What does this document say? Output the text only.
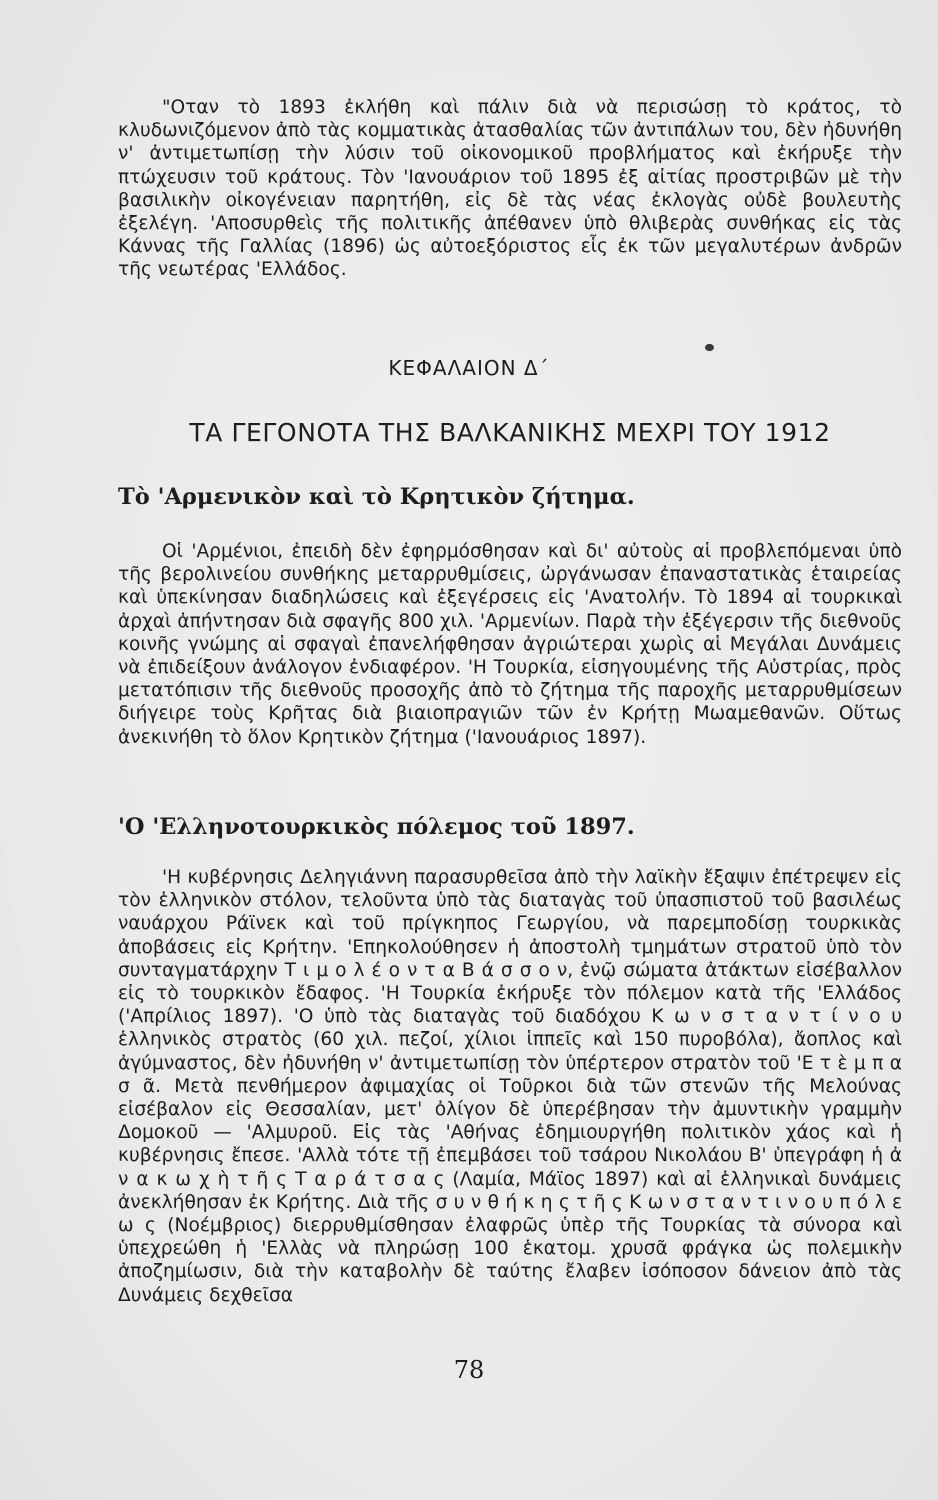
"Οταν τὸ 1893 ἐκλήθη καὶ πάλιν διὰ νὰ περισώσῃ τὸ κράτος, τὸ κλυδωνιζόμενον ἀπὸ τὰς κομματικὰς ἀτασθαλίας τῶν ἀντιπάλων του, δὲν ἠδυνήθη ν' ἀντιμετωπίσῃ τὴν λύσιν τοῦ οἰκονομικοῦ προβλήματος καὶ ἐκήρυξε τὴν πτώχευσιν τοῦ κράτους. Τὸν 'Ιανουάριον τοῦ 1895 ἐξ αἰτίας προστριβῶν μὲ τὴν βασιλικὴν οἰκογένειαν παρητήθη, εἰς δὲ τὰς νέας ἐκλογὰς οὐδὲ βουλευτὴς ἐξελέγη. 'Αποσυρθεὶς τῆς πολιτικῆς ἀπέθανεν ὑπὸ θλιβερὰς συνθήκας εἰς τὰς Κάννας τῆς Γαλλίας (1896) ὡς αὐτοεξόριστος εἷς ἐκ τῶν μεγαλυτέρων ἀνδρῶν τῆς νεωτέρας 'Ελλάδος.

ΚΕΦΑΛΑΙΟΝ Δ΄

ΤΑ ΓΕΓΟΝΟΤΑ ΤΗΣ ΒΑΛΚΑΝΙΚΗΣ ΜΕΧΡΙ ΤΟΥ 1912
Τὸ 'Αρμενικὸν καὶ τὸ Κρητικὸν ζήτημα.

Οἱ 'Αρμένιοι, ἐπειδὴ δὲν ἐφηρμόσθησαν καὶ δι' αὐτοὺς αἱ προβλεπόμεναι ὑπὸ τῆς βερολινείου συνθήκης μεταρρυθμίσεις, ὠργάνωσαν ἐπαναστατικὰς ἑταιρείας καὶ ὑπεκίνησαν διαδηλώσεις καὶ ἐξεγέρσεις εἰς 'Ανατολήν. Τὸ 1894 αἱ τουρκικαὶ ἀρχαὶ ἀπήντησαν διὰ σφαγῆς 800 χιλ. 'Αρμενίων. Παρὰ τὴν ἐξέγερσιν τῆς διεθνοῦς κοινῆς γνώμης αἱ σφαγαὶ ἐπανελήφθησαν ἀγριώτεραι χωρὶς αἱ Μεγάλαι Δυνάμεις νὰ ἐπιδείξουν ἀνάλογον ἐνδιαφέρον. 'Η Τουρκία, εἰσηγουμένης τῆς Αὐστρίας, πρὸς μετατόπισιν τῆς διεθνοῦς προσοχῆς ἀπὸ τὸ ζήτημα τῆς παροχῆς μεταρρυθμίσεων διήγειρε τοὺς Κρῆτας διὰ βιαιοπραγιῶν τῶν ἐν Κρήτῃ Μωαμεθανῶν. Οὕτως ἀνεκινήθη τὸ ὅλον Κρητικὸν ζήτημα ('Ιανουάριος 1897).

'Ο 'Ελληνοτουρκικὸς πόλεμος τοῦ 1897.

'Η κυβέρνησις Δεληγιάννη παρασυρθεῖσα ἀπὸ τὴν λαϊκὴν ἔξαψιν ἐπέτρεψεν εἰς τὸν ἑλληνικὸν στόλον, τελοῦντα ὑπὸ τὰς διαταγὰς τοῦ ὑπασπιστοῦ τοῦ βασιλέως ναυάρχου Ράϊνεκ καὶ τοῦ πρίγκηπος Γεωργίου, νὰ παρεμποδίσῃ τουρκικὰς ἀποβάσεις εἰς Κρήτην. 'Επηκολούθησεν ἡ ἀποστολὴ τμημάτων στρατοῦ ὑπὸ τὸν συνταγματάρχην Τ ι μ ο λ έ ο ν τ α Β ά σ σ ο ν, ἐνῷ σώματα ἀτάκτων εἰσέβαλλον εἰς τὸ τουρκικὸν ἔδαφος. 'Η Τουρκία ἐκήρυξε τὸν πόλεμον κατὰ τῆς 'Ελλάδος ('Απρίλιος 1897). 'Ο ὑπὸ τὰς διαταγὰς τοῦ διαδόχου Κ ω ν σ τ α ν τ ί ν ο υ ἑλληνικὸς στρατὸς (60 χιλ. πεζοί, χίλιοι ἱππεῖς καὶ 150 πυροβόλα), ἄοπλος καὶ ἀγύμναστος, δὲν ἠδυνήθη ν' ἀντιμετωπίσῃ τὸν ὑπέρτερον στρατὸν τοῦ 'Ε τ ὲ μ π α σ ᾶ. Μετὰ πενθήμερον ἀφιμαχίας οἱ Τοῦρκοι διὰ τῶν στενῶν τῆς Μελούνας εἰσέβαλον εἰς Θεσσαλίαν, μετ' ὀλίγον δὲ ὑπερέβησαν τὴν ἀμυντικὴν γραμμὴν Δομοκοῦ — 'Αλμυροῦ. Εἰς τὰς 'Αθήνας ἐδημιουργήθη πολιτικὸν χάος καὶ ἡ κυβέρνησις ἔπεσε. 'Αλλὰ τότε τῇ ἐπεμβάσει τοῦ τσάρου Νικολάου Β' ὑπεγράφη ἡ ἀ ν α κ ω χ ὴ τ ῆ ς Τ α ρ ά τ σ α ς (Λαμία, Μάϊος 1897) καὶ αἱ ἑλληνικαὶ δυνάμεις ἀνεκλήθησαν ἐκ Κρήτης. Διὰ τῆς σ υ ν θ ή κ η ς τ ῆ ς Κ ω ν σ τ α ν τ ι ν ο υ π ό λ ε ω ς (Νοέμβριος) διερρυθμίσθησαν ἐλαφρῶς ὑπὲρ τῆς Τουρκίας τὰ σύνορα καὶ ὑπεχρεώθη ἡ 'Ελλὰς νὰ πληρώσῃ 100 ἑκατομ. χρυσᾶ φράγκα ὡς πολεμικὴν ἀποζημίωσιν, διὰ τὴν καταβολὴν δὲ ταύτης ἔλαβεν ἰσόποσον δάνειον ἀπὸ τὰς Δυνάμεις δεχθεῖσα

78
